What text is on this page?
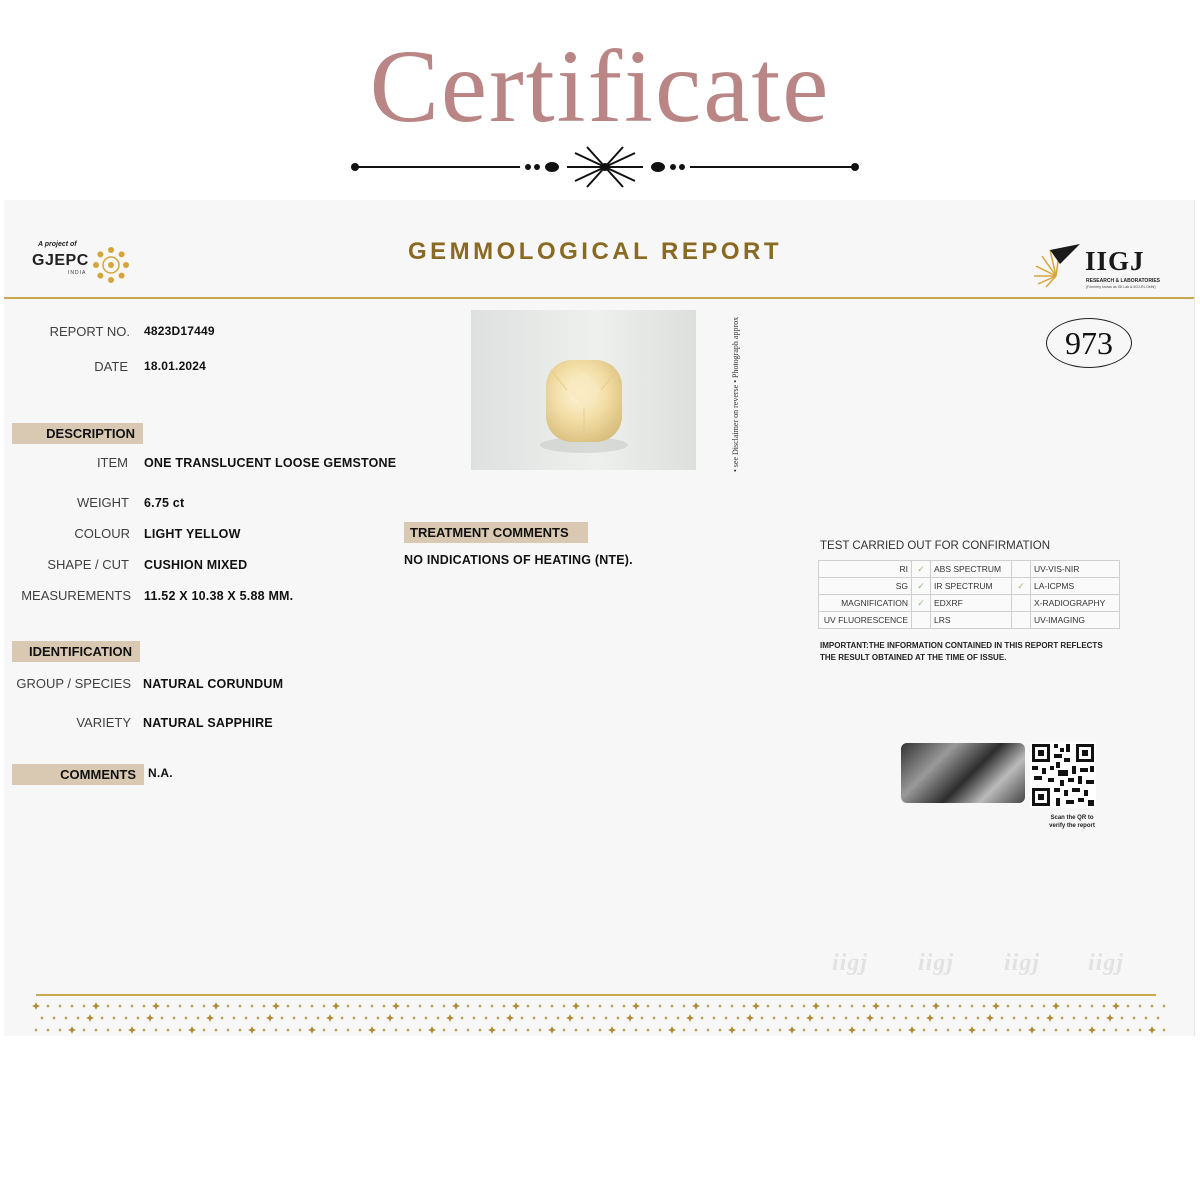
Certificate
A project of
GJEPC
INDIA
GEMMOLOGICAL REPORT	IIGJ
RESEARCH & LABORATORIES
(Formerly known as GII Lab & IIGJ-RL Delhi)
REPORT NO. 4823D17449
DATE 18.01.2024
DESCRIPTION
ITEM ONE TRANSLUCENT LOOSE GEMSTONE
WEIGHT 6.75 ct
COLOUR LIGHT YELLOW
SHAPE / CUT CUSHION MIXED
MEASUREMENTS 11.52 X 10.38 X 5.88 MM.
IDENTIFICATION
GROUP / SPECIES NATURAL CORUNDUM
VARIETY NATURAL SAPPHIRE
COMMENTS	N.A.
• see Disclaimer on reverse • Photograph approx	973
TREATMENT COMMENTS
NO INDICATIONS OF HEATING (NTE).
TEST CARRIED OUT FOR CONFIRMATION
RI	✓	ABS SPECTRUM		UV-VIS-NIR
SG	✓	IR SPECTRUM	✓	LA-ICPMS
MAGNIFICATION	✓	EDXRF		X-RADIOGRAPHY
UV FLUORESCENCE		LRS		UV-IMAGING
IMPORTANT:THE INFORMATION CONTAINED IN THIS REPORT REFLECTS THE RESULT OBTAINED AT THE TIME OF ISSUE.
Scan the QR to
verify the report
iigj iigj iigj iigj
